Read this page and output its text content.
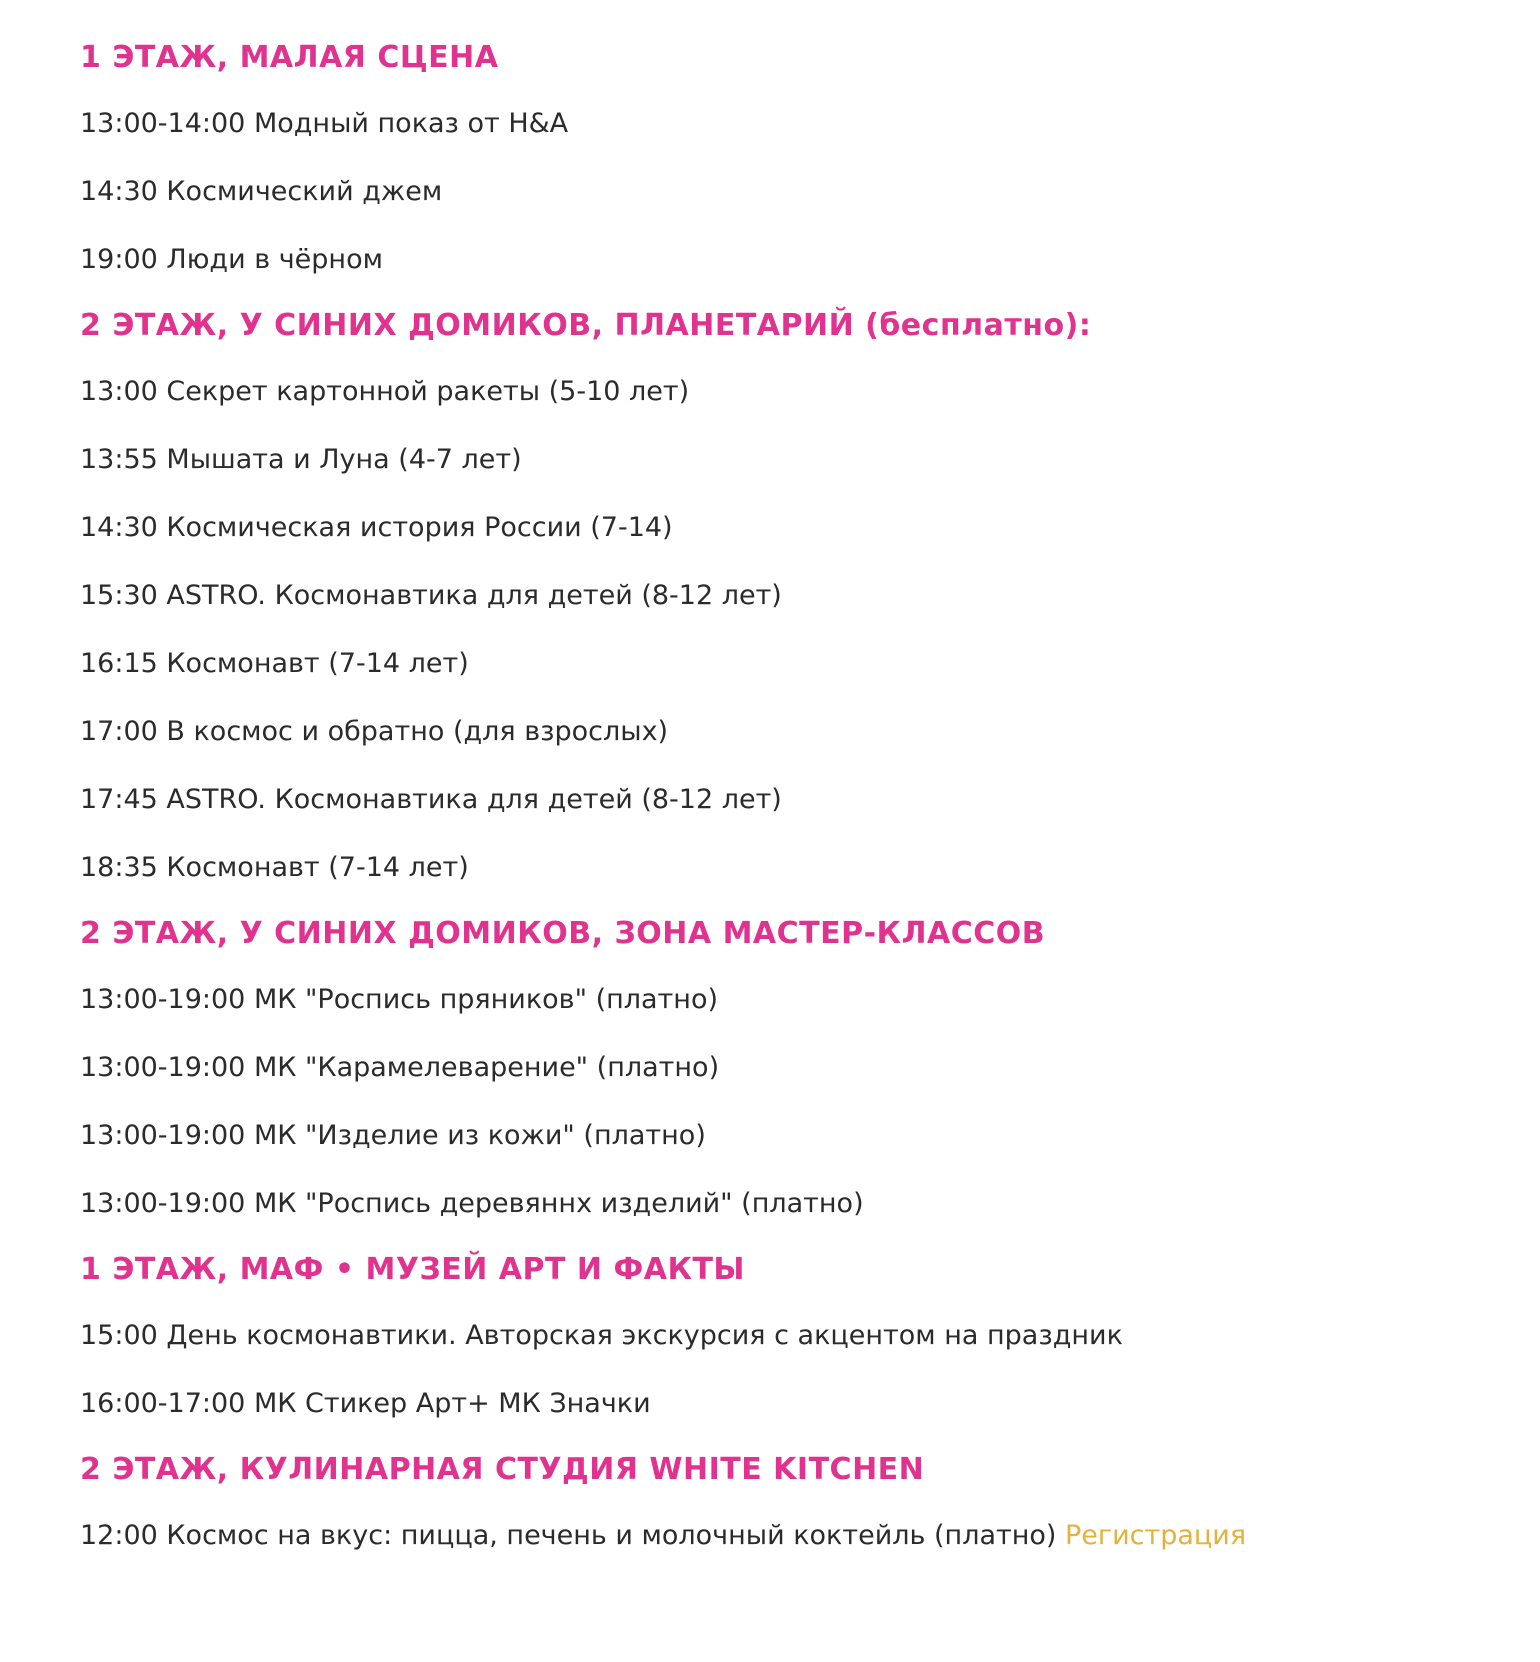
1 ЭТАЖ, МАЛАЯ СЦЕНА
13:00-14:00 Модный показ от H&A
14:30 Космический джем
19:00 Люди в чёрном
2 ЭТАЖ, У СИНИХ ДОМИКОВ, ПЛАНЕТАРИЙ (бесплатно):
13:00 Секрет картонной ракеты (5-10 лет)
13:55 Мышата и Луна (4-7 лет)
14:30 Космическая история России (7-14)
15:30 ASTRO. Космонавтика для детей (8-12 лет)
16:15 Космонавт (7-14 лет)
17:00 В космос и обратно (для взрослых)
17:45 ASTRO. Космонавтика для детей (8-12 лет)
18:35 Космонавт (7-14 лет)
2 ЭТАЖ, У СИНИХ ДОМИКОВ, ЗОНА МАСТЕР-КЛАССОВ
13:00-19:00 МК "Роспись пряников" (платно)
13:00-19:00 МК "Карамелеварение" (платно)
13:00-19:00 МК "Изделие из кожи" (платно)
13:00-19:00 МК "Роспись деревяннх изделий" (платно)
1 ЭТАЖ, МАФ • МУЗЕЙ АРТ И ФАКТЫ
15:00 День космонавтики. Авторская экскурсия с акцентом на праздник
16:00-17:00 МК Стикер Арт+ МК Значки
2 ЭТАЖ, КУЛИНАРНАЯ СТУДИЯ WHITE KITCHEN
12:00 Космос на вкус: пицца, печень и молочный коктейль (платно) Регистрация
